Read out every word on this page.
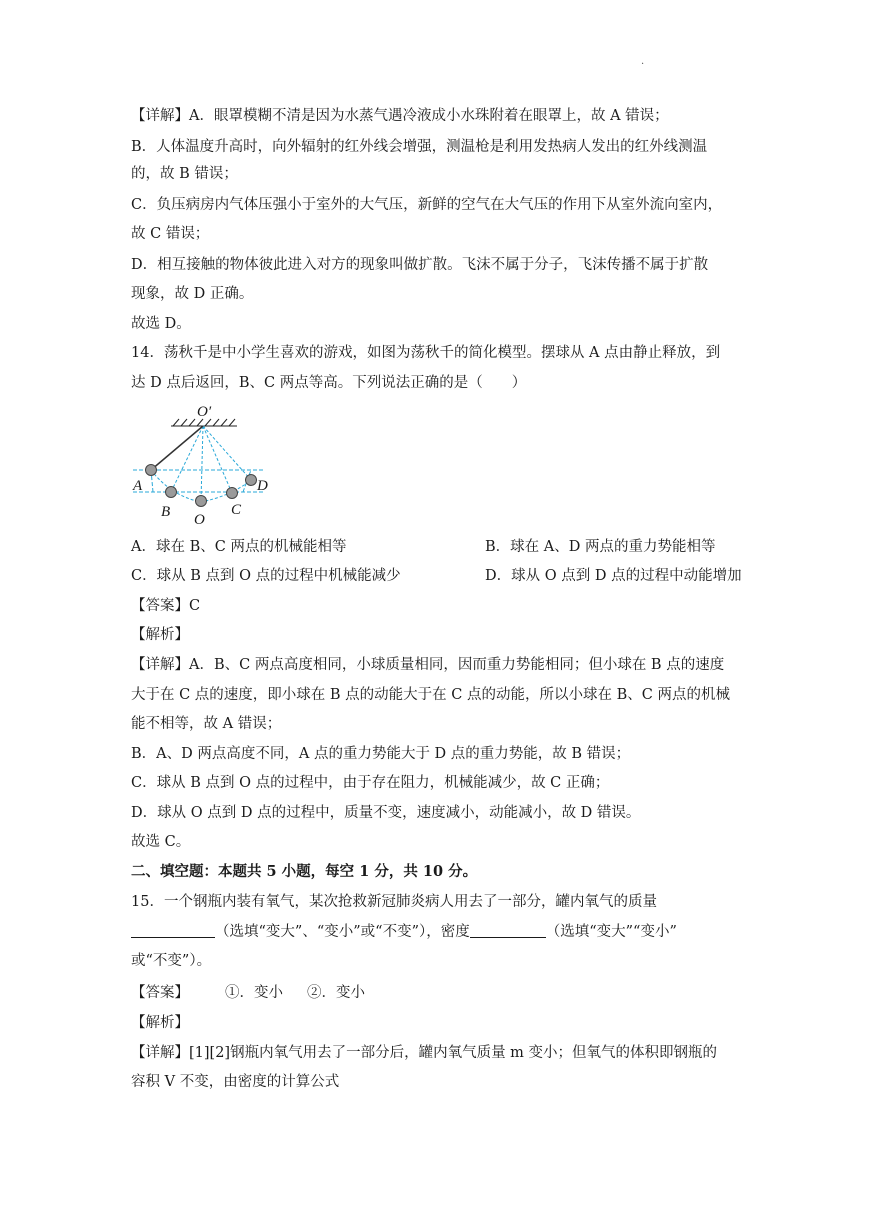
.
【详解】A．眼罩模糊不清是因为水蒸气遇冷液成小水珠附着在眼罩上，故 A 错误；
B．人体温度升高时，向外辐射的红外线会增强，测温枪是利用发热病人发出的红外线测温
的，故 B 错误；
C．负压病房内气体压强小于室外的大气压，新鲜的空气在大气压的作用下从室外流向室内，
故 C 错误；
D．相互接触的物体彼此进入对方的现象叫做扩散。飞沫不属于分子，飞沫传播不属于扩散
现象，故 D 正确。
故选 D。
14．荡秋千是中小学生喜欢的游戏，如图为荡秋千的简化模型。摆球从 A 点由静止释放，到
达 D 点后返回，B、C 两点等高。下列说法正确的是（　　）
O′
A
B O
C
D
A．球在 B、C 两点的机械能相等	B．球在 A、D 两点的重力势能相等
C．球从 B 点到 O 点的过程中机械能减少	D．球从 O 点到 D 点的过程中动能增加
【答案】C
【解析】
【详解】A．B、C 两点高度相同，小球质量相同，因而重力势能相同；但小球在 B 点的速度
大于在 C 点的速度，即小球在 B 点的动能大于在 C 点的动能，所以小球在 B、C 两点的机械
能不相等，故 A 错误；
B．A、D 两点高度不同，A 点的重力势能大于 D 点的重力势能，故 B 错误；
C．球从 B 点到 O 点的过程中，由于存在阻力，机械能减少，故 C 正确；
D．球从 O 点到 D 点的过程中，质量不变，速度减小，动能减小，故 D 错误。
故选 C。
二、填空题：本题共 5 小题，每空 1 分，共 10 分。
15．一个钢瓶内装有氧气，某次抢救新冠肺炎病人用去了一部分，罐内氧气的质量
（选填“变大”、“变小”或“不变”），密度	（选填“变大”“变小”
或“不变”）。
【答案】 ①．变小 ②．变小
【解析】
【详解】[1][2]钢瓶内氧气用去了一部分后，罐内氧气质量 m 变小；但氧气的体积即钢瓶的
容积 V 不变，由密度的计算公式
